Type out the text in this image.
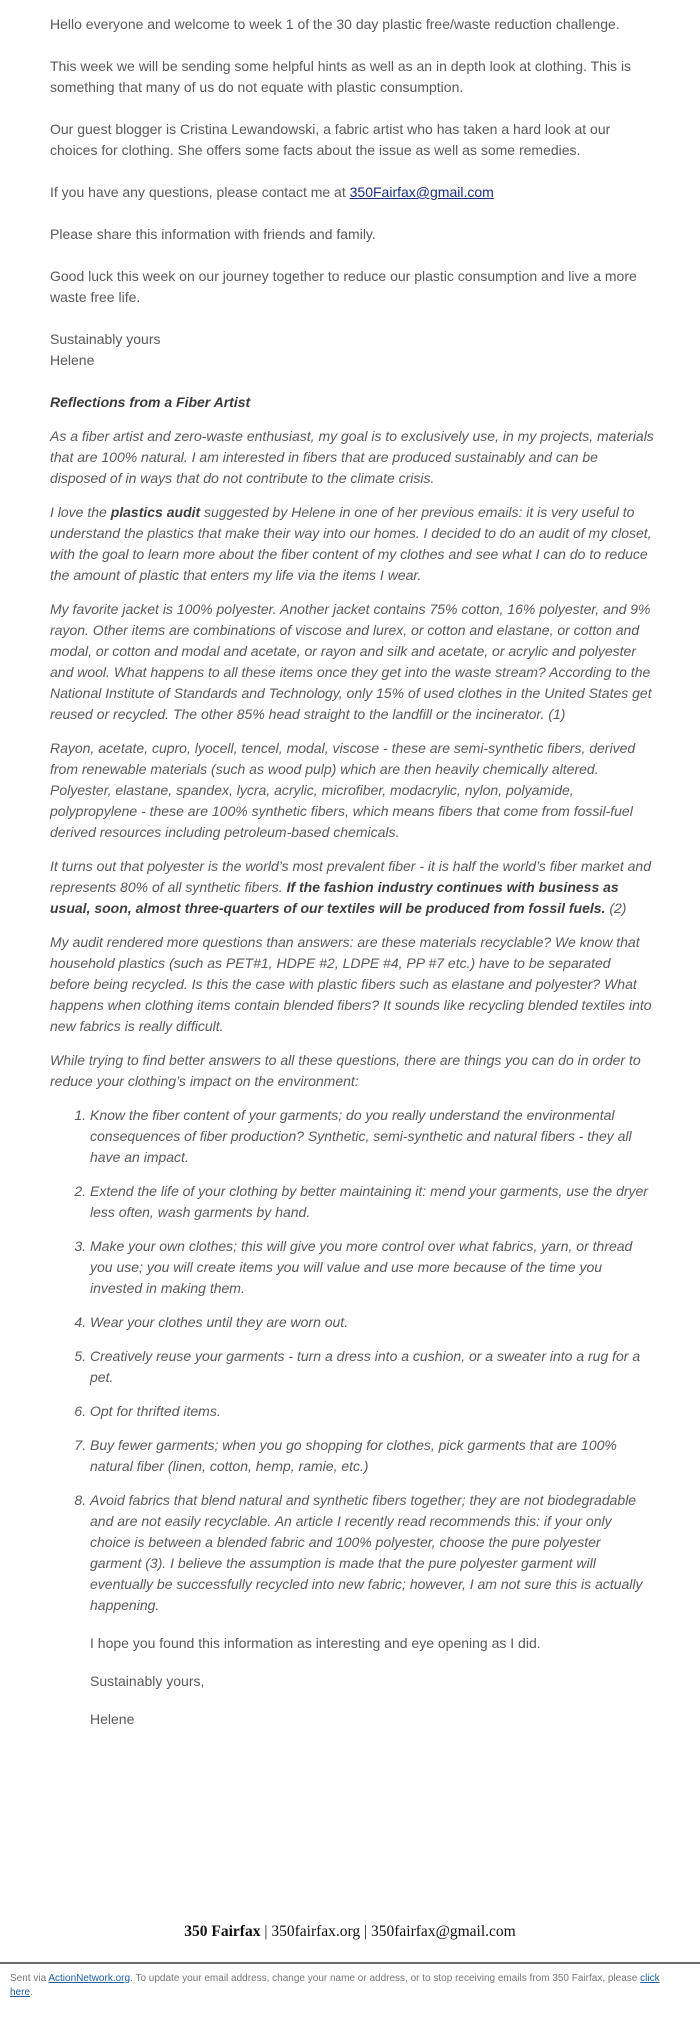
Hello everyone and welcome to week 1 of the 30 day plastic free/waste reduction challenge.

This week we will be sending some helpful hints as well as an in depth look at clothing. This is something that many of us do not equate with plastic consumption.

Our guest blogger is Cristina Lewandowski, a fabric artist who has taken a hard look at our choices for clothing. She offers some facts about the issue as well as some remedies.

If you have any questions, please contact me at 350Fairfax@gmail.com

Please share this information with friends and family.

Good luck this week on our journey together to reduce our plastic consumption and live a more waste free life.

Sustainably yours
Helene

Reflections from a Fiber Artist

As a fiber artist and zero-waste enthusiast, my goal is to exclusively use, in my projects, materials that are 100% natural. I am interested in fibers that are produced sustainably and can be disposed of in ways that do not contribute to the climate crisis.

I love the plastics audit suggested by Helene in one of her previous emails: it is very useful to understand the plastics that make their way into our homes. I decided to do an audit of my closet, with the goal to learn more about the fiber content of my clothes and see what I can do to reduce the amount of plastic that enters my life via the items I wear.

My favorite jacket is 100% polyester. Another jacket contains 75% cotton, 16% polyester, and 9% rayon. Other items are combinations of viscose and lurex, or cotton and elastane, or cotton and modal, or cotton and modal and acetate, or rayon and silk and acetate, or acrylic and polyester and wool. What happens to all these items once they get into the waste stream? According to the National Institute of Standards and Technology, only 15% of used clothes in the United States get reused or recycled. The other 85% head straight to the landfill or the incinerator. (1)

Rayon, acetate, cupro, lyocell, tencel, modal, viscose - these are semi-synthetic fibers, derived from renewable materials (such as wood pulp) which are then heavily chemically altered. Polyester, elastane, spandex, lycra, acrylic, microfiber, modacrylic, nylon, polyamide, polypropylene - these are 100% synthetic fibers, which means fibers that come from fossil-fuel derived resources including petroleum-based chemicals.

It turns out that polyester is the world’s most prevalent fiber - it is half the world’s fiber market and represents 80% of all synthetic fibers. If the fashion industry continues with business as usual, soon, almost three-quarters of our textiles will be produced from fossil fuels. (2)

My audit rendered more questions than answers: are these materials recyclable? We know that household plastics (such as PET#1, HDPE #2, LDPE #4, PP #7 etc.) have to be separated before being recycled. Is this the case with plastic fibers such as elastane and polyester? What happens when clothing items contain blended fibers? It sounds like recycling blended textiles into new fabrics is really difficult.

While trying to find better answers to all these questions, there are things you can do in order to reduce your clothing’s impact on the environment:

1. Know the fiber content of your garments; do you really understand the environmental consequences of fiber production? Synthetic, semi-synthetic and natural fibers - they all have an impact.
2. Extend the life of your clothing by better maintaining it: mend your garments, use the dryer less often, wash garments by hand.
3. Make your own clothes; this will give you more control over what fabrics, yarn, or thread you use; you will create items you will value and use more because of the time you invested in making them.
4. Wear your clothes until they are worn out.
5. Creatively reuse your garments - turn a dress into a cushion, or a sweater into a rug for a pet.
6. Opt for thrifted items.
7. Buy fewer garments; when you go shopping for clothes, pick garments that are 100% natural fiber (linen, cotton, hemp, ramie, etc.)
8. Avoid fabrics that blend natural and synthetic fibers together; they are not biodegradable and are not easily recyclable. An article I recently read recommends this: if your only choice is between a blended fabric and 100% polyester, choose the pure polyester garment (3). I believe the assumption is made that the pure polyester garment will eventually be successfully recycled into new fabric; however, I am not sure this is actually happening.

I hope you found this information as interesting and eye opening as I did.

Sustainably yours,

Helene

350 Fairfax | 350fairfax.org | 350fairfax@gmail.com
Sent via ActionNetwork.org. To update your email address, change your name or address, or to stop receiving emails from 350 Fairfax, please click here.
